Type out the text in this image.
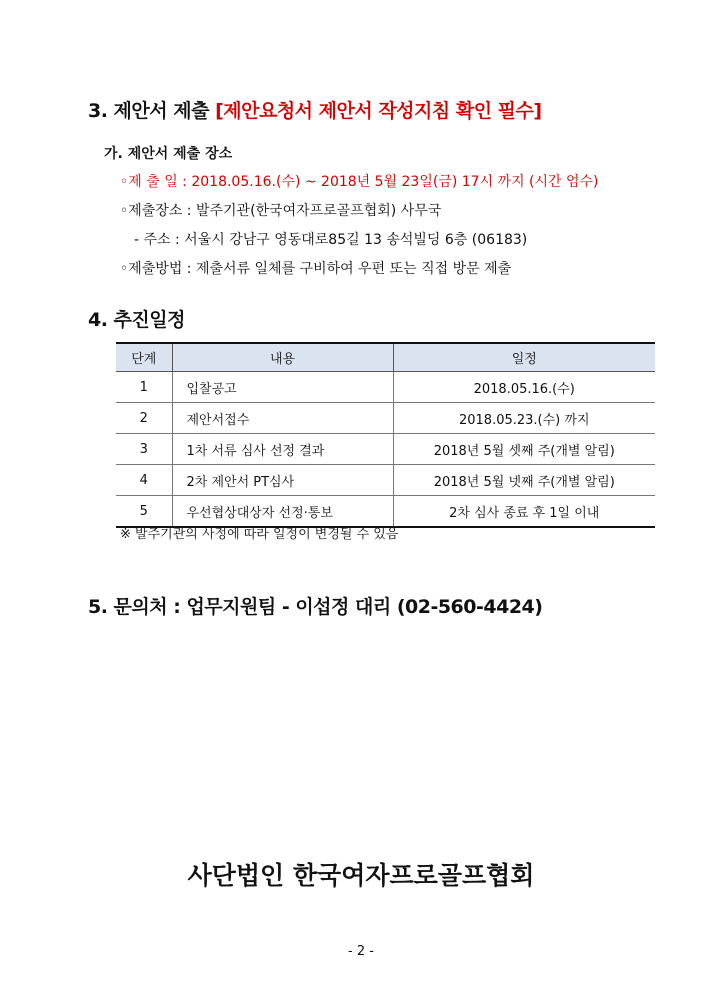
3. 제안서 제출 [제안요청서 제안서 작성지침 확인 필수]
가. 제안서 제출 장소
◦제 출 일 : 2018.05.16.(수) ~ 2018년 5월 23일(금) 17시 까지 (시간 엄수)
◦제출장소 : 발주기관(한국여자프로골프협회) 사무국
- 주소 : 서울시 강남구 영동대로85길 13 송석빌딩 6층 (06183)
◦제출방법 : 제출서류 일체를 구비하여 우편 또는 직접 방문 제출
4. 추진일정
단계	내용	일정
1	입찰공고	2018.05.16.(수)
2	제안서접수	2018.05.23.(수) 까지
3	1차 서류 심사 선정 결과	2018년 5월 셋째 주(개별 알림)
4	2차 제안서 PT심사	2018년 5월 넷째 주(개별 알림)
5	우선협상대상자 선정·통보	2차 심사 종료 후 1일 이내
※ 발주기관의 사정에 따라 일정이 변경될 수 있음
5. 문의처 : 업무지원팀 - 이섭정 대리 (02-560-4424)
사단법인 한국여자프로골프협회
- 2 -
